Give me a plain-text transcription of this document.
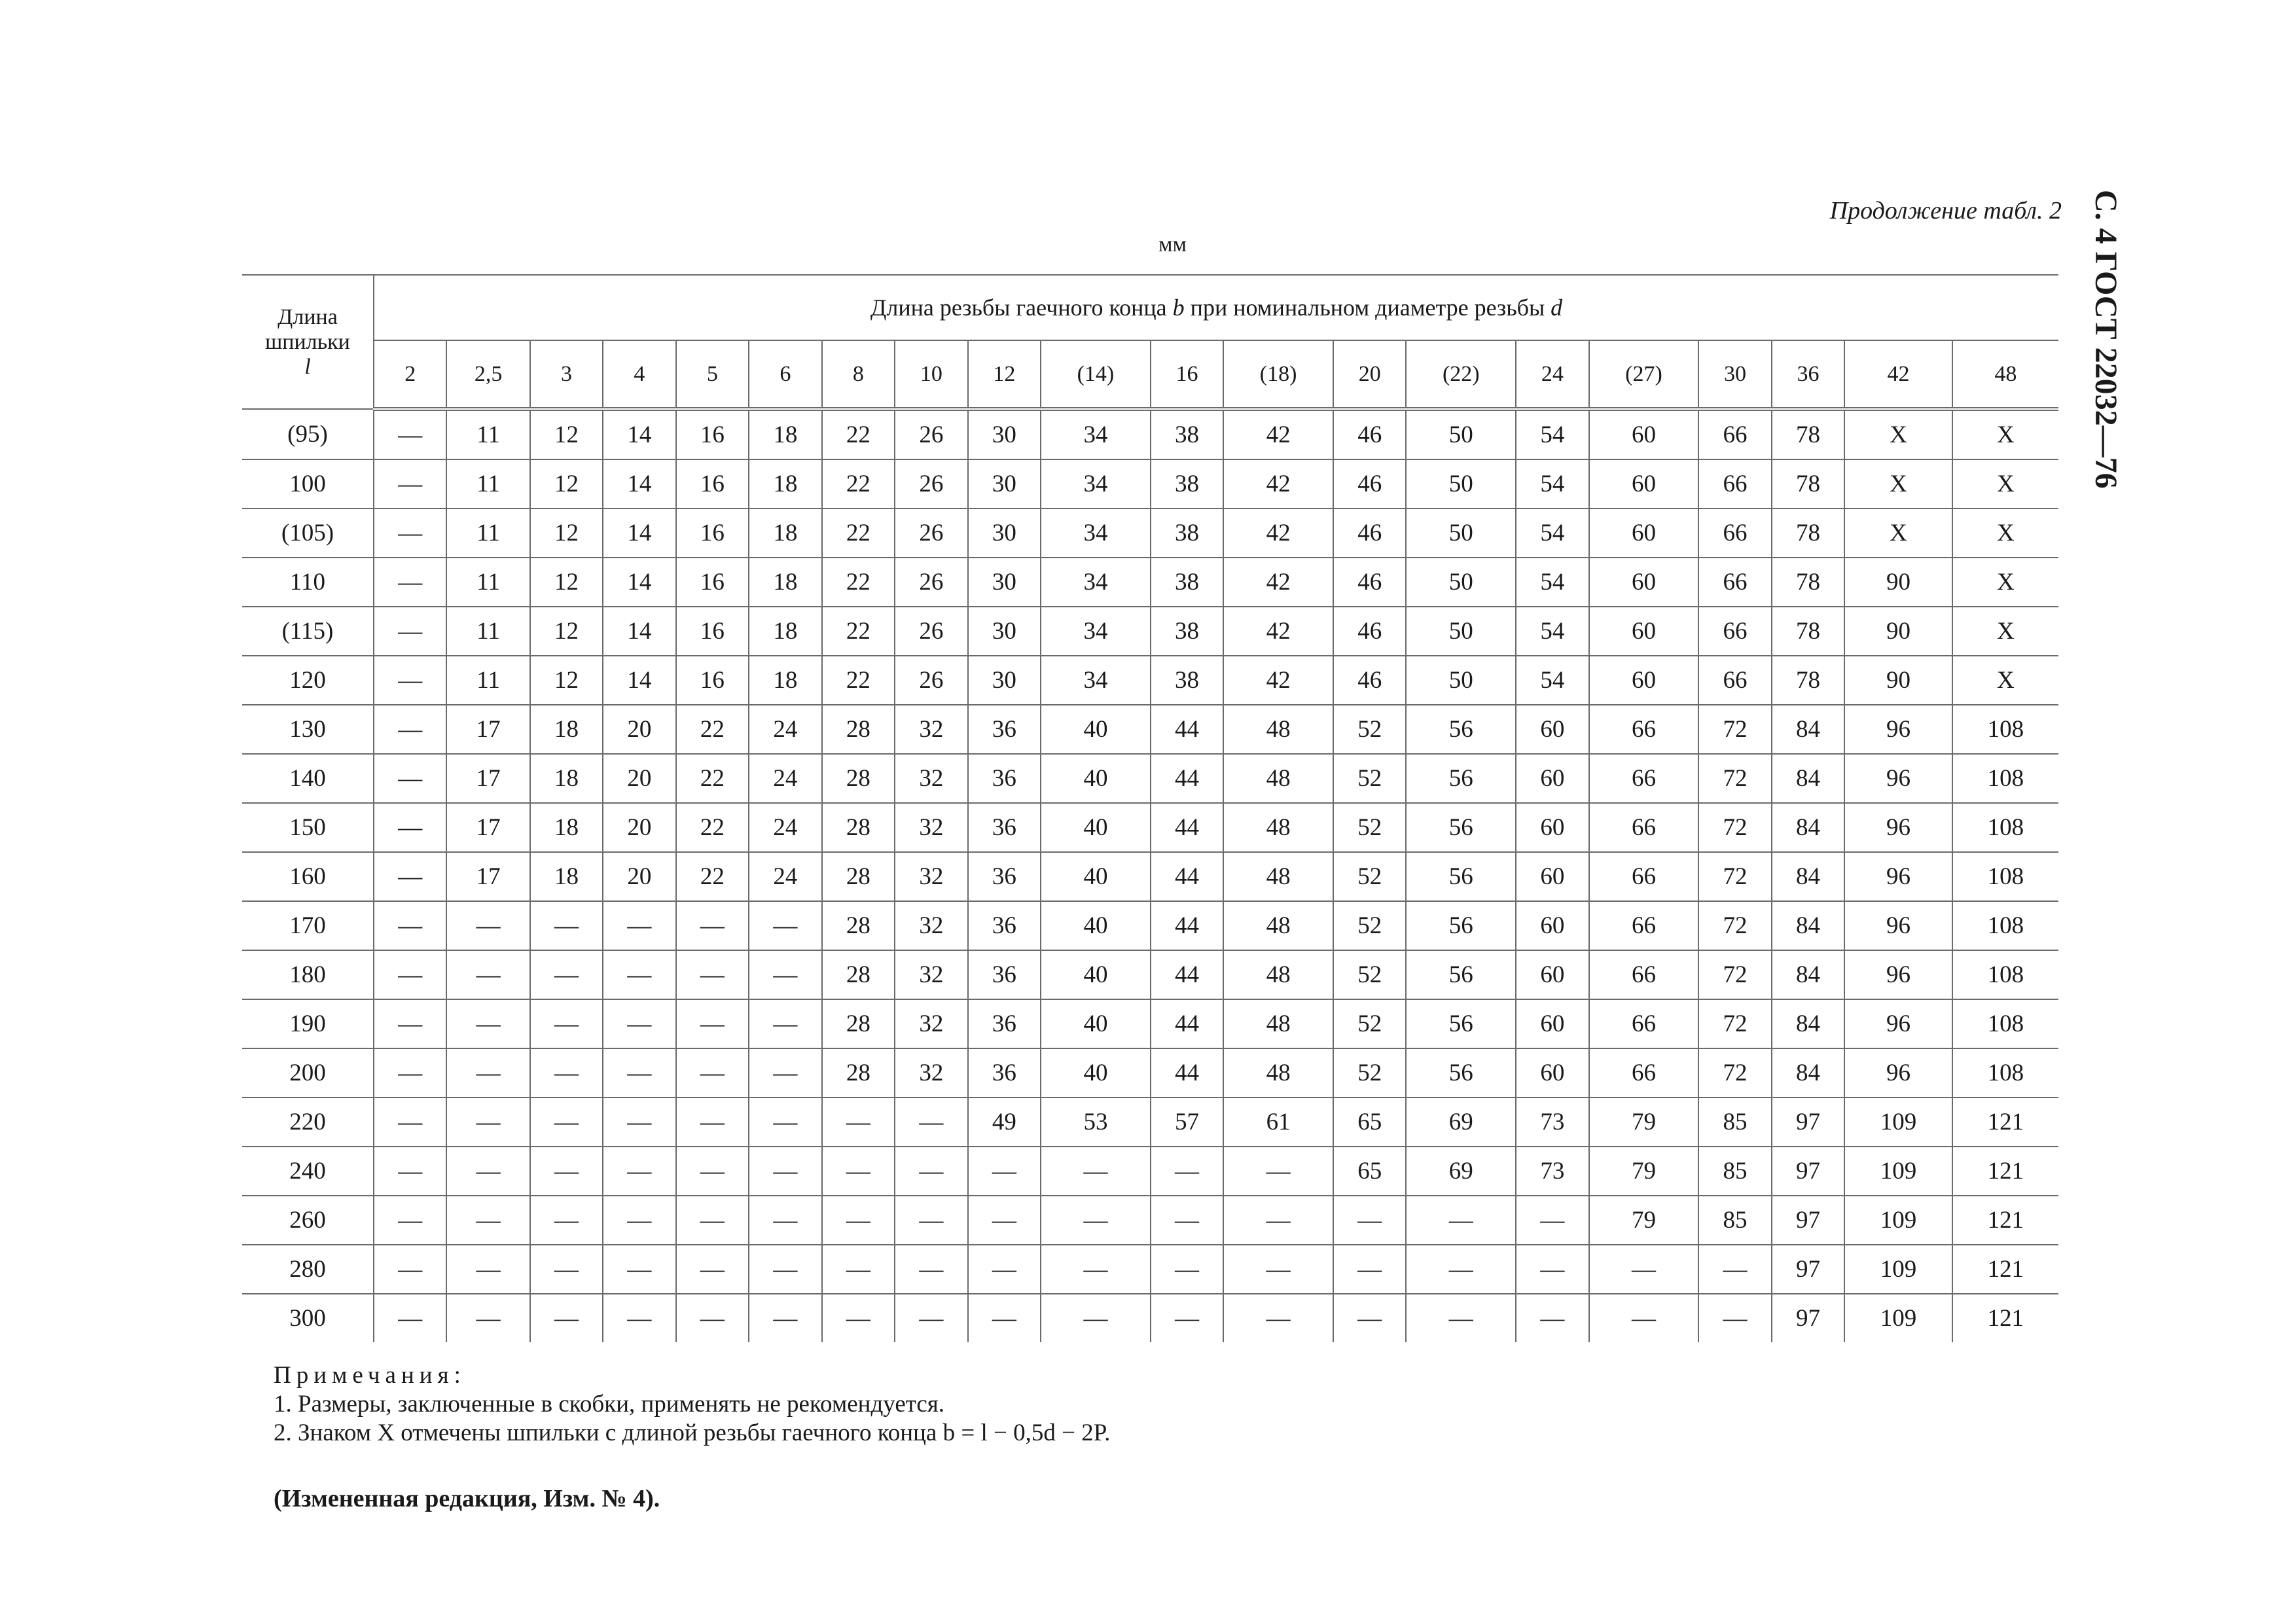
С. 4 ГОСТ 22032—76
Продолжение табл. 2
мм
Длина
шпильки
l	Длина резьбы гаечного конца b при номинальном диаметре резьбы d																			
	2	2,5	3	4	5	6	8	10	12	(14)	16	(18)	20	(22)	24	(27)	30	36	42	48
(95)	—	11	12	14	16	18	22	26	30	34	38	42	46	50	54	60	66	78	X	X
100	—	11	12	14	16	18	22	26	30	34	38	42	46	50	54	60	66	78	X	X
(105)	—	11	12	14	16	18	22	26	30	34	38	42	46	50	54	60	66	78	X	X
110	—	11	12	14	16	18	22	26	30	34	38	42	46	50	54	60	66	78	90	X
(115)	—	11	12	14	16	18	22	26	30	34	38	42	46	50	54	60	66	78	90	X
120	—	11	12	14	16	18	22	26	30	34	38	42	46	50	54	60	66	78	90	X
130	—	17	18	20	22	24	28	32	36	40	44	48	52	56	60	66	72	84	96	108
140	—	17	18	20	22	24	28	32	36	40	44	48	52	56	60	66	72	84	96	108
150	—	17	18	20	22	24	28	32	36	40	44	48	52	56	60	66	72	84	96	108
160	—	17	18	20	22	24	28	32	36	40	44	48	52	56	60	66	72	84	96	108
170	—	—	—	—	—	—	28	32	36	40	44	48	52	56	60	66	72	84	96	108
180	—	—	—	—	—	—	28	32	36	40	44	48	52	56	60	66	72	84	96	108
190	—	—	—	—	—	—	28	32	36	40	44	48	52	56	60	66	72	84	96	108
200	—	—	—	—	—	—	28	32	36	40	44	48	52	56	60	66	72	84	96	108
220	—	—	—	—	—	—	—	—	49	53	57	61	65	69	73	79	85	97	109	121
240	—	—	—	—	—	—	—	—	—	—	—	—	65	69	73	79	85	97	109	121
260	—	—	—	—	—	—	—	—	—	—	—	—	—	—	—	79	85	97	109	121
280	—	—	—	—	—	—	—	—	—	—	—	—	—	—	—	—	—	97	109	121
300	—	—	—	—	—	—	—	—	—	—	—	—	—	—	—	—	—	97	109	121
Примечания:
1. Размеры, заключенные в скобки, применять не рекомендуется.
2. Знаком X отмечены шпильки с длиной резьбы гаечного конца b = l − 0,5d − 2P.
(Измененная редакция, Изм. № 4).
